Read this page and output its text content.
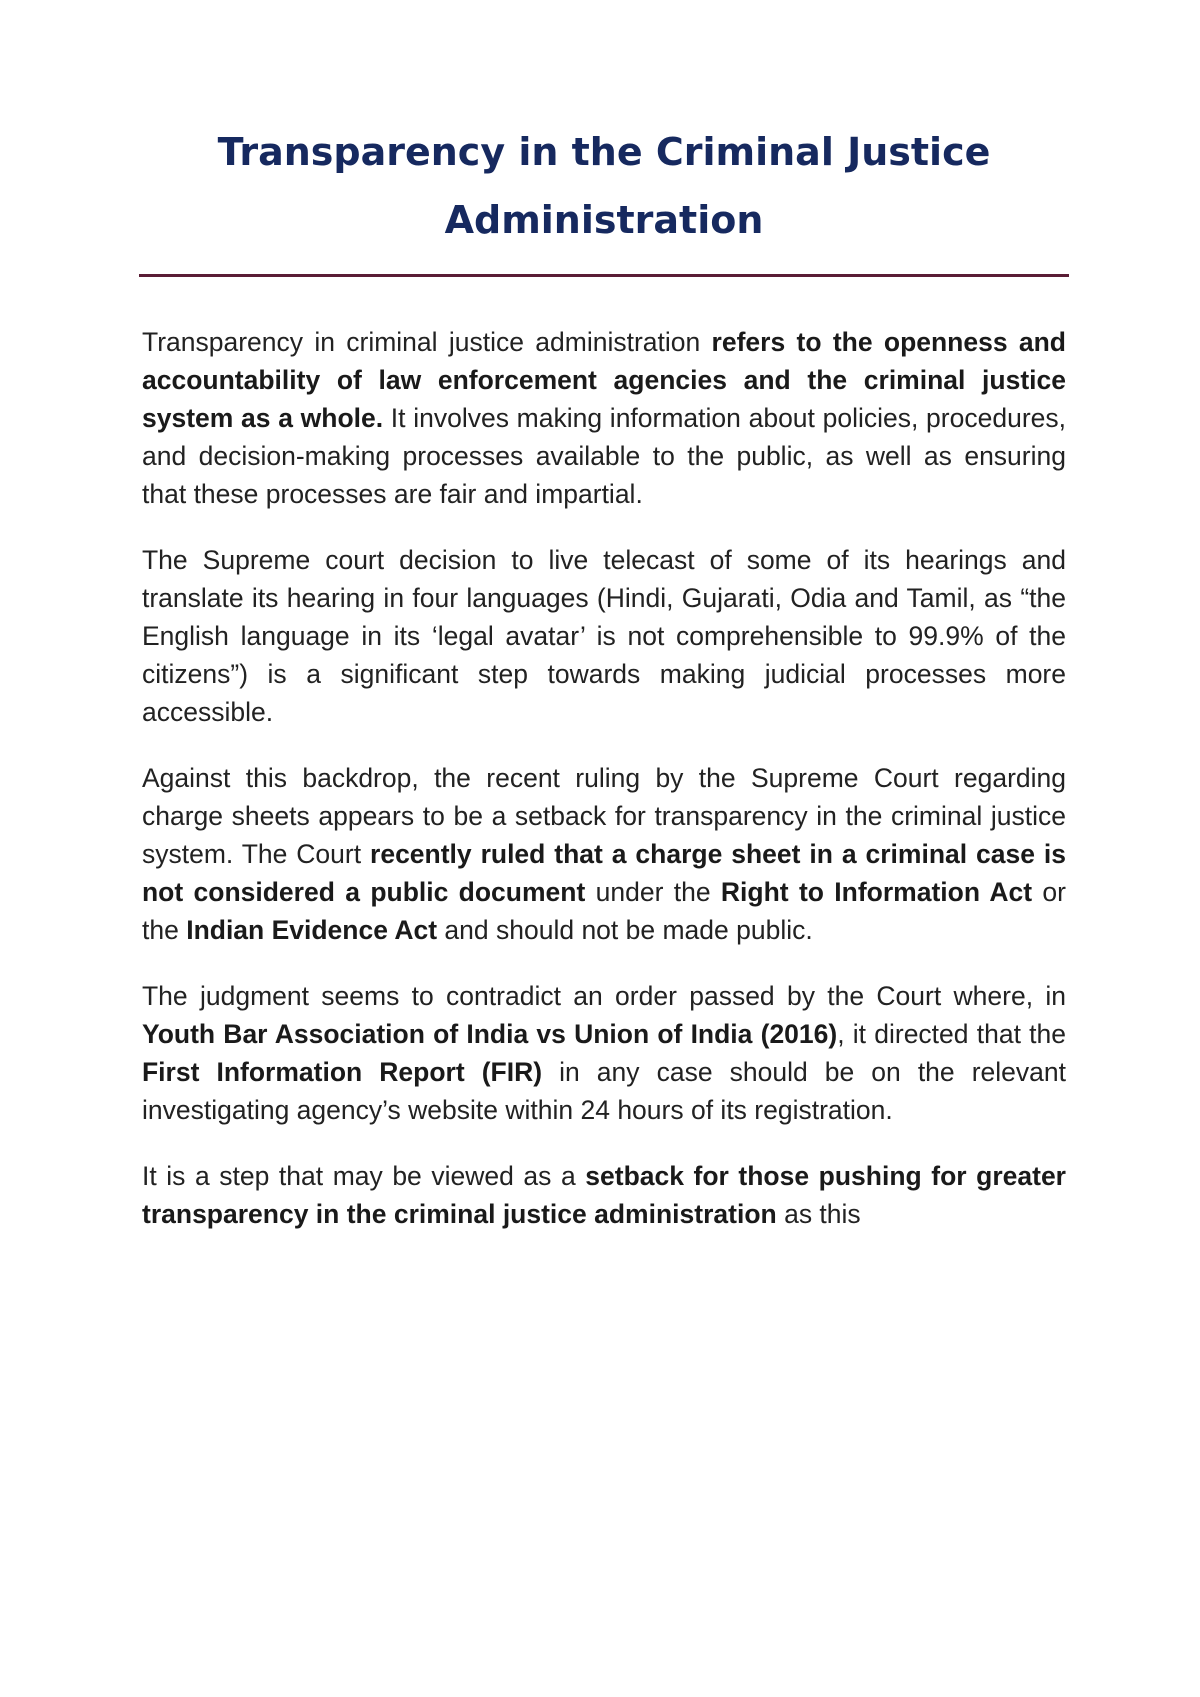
Transparency in the Criminal Justice Administration

Transparency in criminal justice administration refers to the openness and accountability of law enforcement agencies and the criminal justice system as a whole. It involves making information about policies, procedures, and decision-making processes available to the public, as well as ensuring that these processes are fair and impartial.

The Supreme court decision to live telecast of some of its hearings and translate its hearing in four languages (Hindi, Gujarati, Odia and Tamil, as “the English language in its ‘legal avatar’ is not comprehensible to 99.9% of the citizens”) is a significant step towards making judicial processes more accessible.

Against this backdrop, the recent ruling by the Supreme Court regarding charge sheets appears to be a setback for transparency in the criminal justice system. The Court recently ruled that a charge sheet in a criminal case is not considered a public document under the Right to Information Act or the Indian Evidence Act and should not be made public.

The judgment seems to contradict an order passed by the Court where, in Youth Bar Association of India vs Union of India (2016), it directed that the First Information Report (FIR) in any case should be on the relevant investigating agency’s website within 24 hours of its registration.

It is a step that may be viewed as a setback for those pushing for greater transparency in the criminal justice administration as this
